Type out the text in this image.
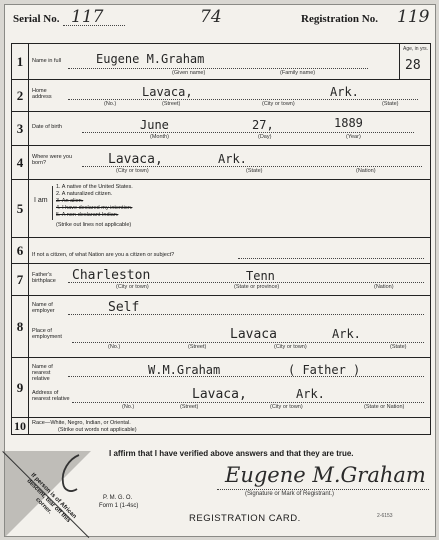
Serial No. 117	74	Registration No. 119
1	Name in full	Eugene M.Graham
(Given name)	(Family name)
Age, in yrs.
28
2	Home address	Lavaca,	Ark.
(No.)	(Street)	(City or town)	(State)
3	Date of birth	June	27,	1889
(Month)	(Day)	(Year)
4	Where were you born?	Lavaca,	Ark.
(City or town)	(State)	(Nation)
5	I am
1. A native of the United States.
2. A naturalized citizen.
3. An alien.
4. I have declared my intention.
5. A non-declarant Indian.
(Strike out lines not applicable)
6	If not a citizen, of what Nation are you a citizen or subject?
7	Father's birthplace	Charleston	Tenn
(City or town)	(State or province)	(Nation)
8
Name of employer	Self
Place of employment	Lavaca	Ark.
(No.)	(Street)	(City or town)	(State)
9
Name of nearest relative
W.M.Graham	( Father )
Address of nearest relative	Lavaca,	Ark.
(No.)	(Street)	(City or town)	(State or Nation)
10	Race—White, Negro, Indian, or Oriental.
(Strike out words not applicable)
I affirm that I have verified above answers and that they are true.
Eugene M.Graham
(Signature or Mark of Registrant.)
P. M. G. O.
Form 1 (1-4sc)
REGISTRATION CARD.	2-6153
If person is of African descent, tear off this corner.
